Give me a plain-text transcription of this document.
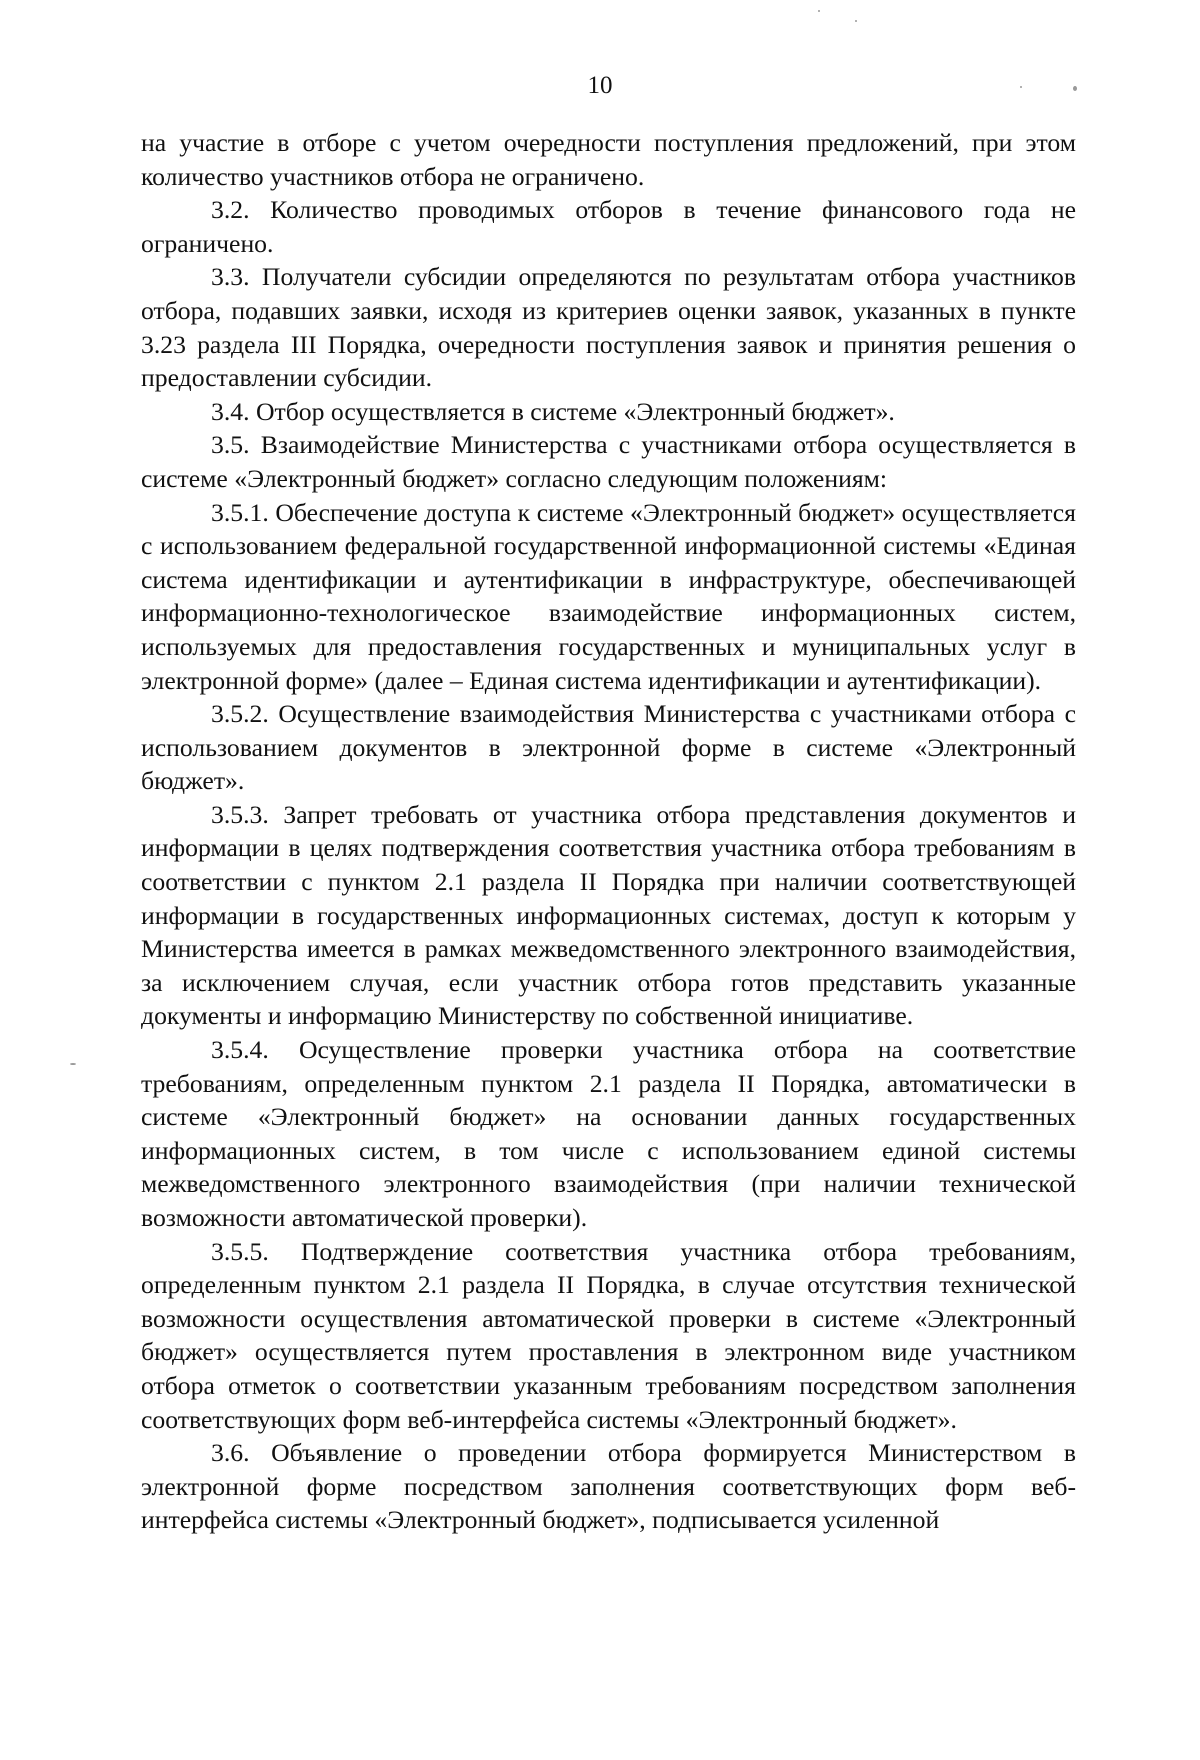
10

на участие в отборе с учетом очередности поступления предложений, при этом количество участников отбора не ограничено.

3.2. Количество проводимых отборов в течение финансового года не ограничено.

3.3. Получатели субсидии определяются по результатам отбора участников отбора, подавших заявки, исходя из критериев оценки заявок, указанных в пункте 3.23 раздела III Порядка, очередности поступления заявок и принятия решения о предоставлении субсидии.

3.4. Отбор осуществляется в системе «Электронный бюджет».

3.5. Взаимодействие Министерства с участниками отбора осуществляется в системе «Электронный бюджет» согласно следующим положениям:

3.5.1. Обеспечение доступа к системе «Электронный бюджет» осуществляется с использованием федеральной государственной информационной системы «Единая система идентификации и аутентификации в инфраструктуре, обеспечивающей информационно-технологическое взаимодействие информационных систем, используемых для предоставления государственных и муниципальных услуг в электронной форме» (далее – Единая система идентификации и аутентификации).

3.5.2. Осуществление взаимодействия Министерства с участниками отбора с использованием документов в электронной форме в системе «Электронный бюджет».

3.5.3. Запрет требовать от участника отбора представления документов и информации в целях подтверждения соответствия участника отбора требованиям в соответствии с пунктом 2.1 раздела II Порядка при наличии соответствующей информации в государственных информационных системах, доступ к которым у Министерства имеется в рамках межведомственного электронного взаимодействия, за исключением случая, если участник отбора готов представить указанные документы и информацию Министерству по собственной инициативе.

3.5.4. Осуществление проверки участника отбора на соответствие требованиям, определенным пунктом 2.1 раздела II Порядка, автоматически в системе «Электронный бюджет» на основании данных государственных информационных систем, в том числе с использованием единой системы межведомственного электронного взаимодействия (при наличии технической возможности автоматической проверки).

3.5.5. Подтверждение соответствия участника отбора требованиям, определенным пунктом 2.1 раздела II Порядка, в случае отсутствия технической возможности осуществления автоматической проверки в системе «Электронный бюджет» осуществляется путем проставления в электронном виде участником отбора отметок о соответствии указанным требованиям посредством заполнения соответствующих форм веб-интерфейса системы «Электронный бюджет».

3.6. Объявление о проведении отбора формируется Министерством в электронной форме посредством заполнения соответствующих форм веб-интерфейса системы «Электронный бюджет», подписывается усиленной
